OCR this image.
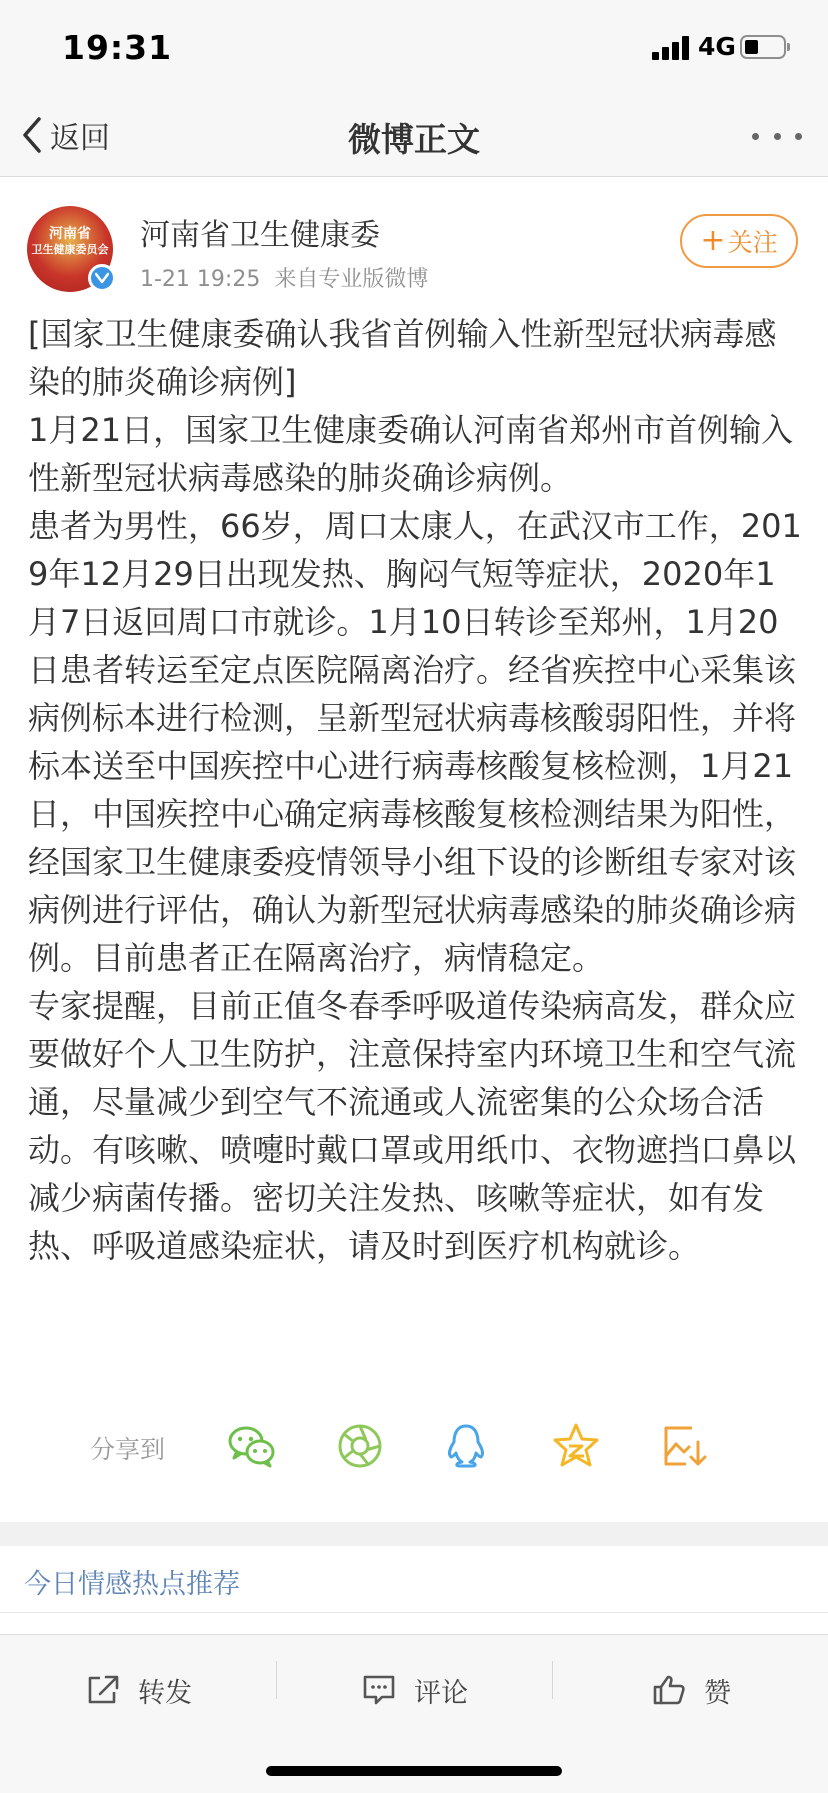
19:31	4G
返回	微博正文
河南省
卫生健康委员会 河南省卫生健康委
1-21 19:25 来自专业版微博
+ 关注

[国家卫生健康委确认我省首例输入性新型冠状病毒感染的肺炎确诊病例]

1月21日，国家卫生健康委确认河南省郑州市首例输入性新型冠状病毒感染的肺炎确诊病例。

患者为男性，66岁，周口太康人，在武汉市工作，2019年12月29日出现发热、胸闷气短等症状，2020年1月7日返回周口市就诊。1月10日转诊至郑州，1月20日患者转运至定点医院隔离治疗。经省疾控中心采集该病例标本进行检测，呈新型冠状病毒核酸弱阳性，并将标本送至中国疾控中心进行病毒核酸复核检测，1月21日，中国疾控中心确定病毒核酸复核检测结果为阳性，经国家卫生健康委疫情领导小组下设的诊断组专家对该病例进行评估，确认为新型冠状病毒感染的肺炎确诊病例。目前患者正在隔离治疗，病情稳定。

专家提醒，目前正值冬春季呼吸道传染病高发，群众应要做好个人卫生防护，注意保持室内环境卫生和空气流通，尽量减少到空气不流通或人流密集的公众场合活动。有咳嗽、喷嚏时戴口罩或用纸巾、衣物遮挡口鼻以减少病菌传播。密切关注发热、咳嗽等症状，如有发热、呼吸道感染症状，请及时到医疗机构就诊。

分享到
今日情感热点推荐
转发	评论	赞
